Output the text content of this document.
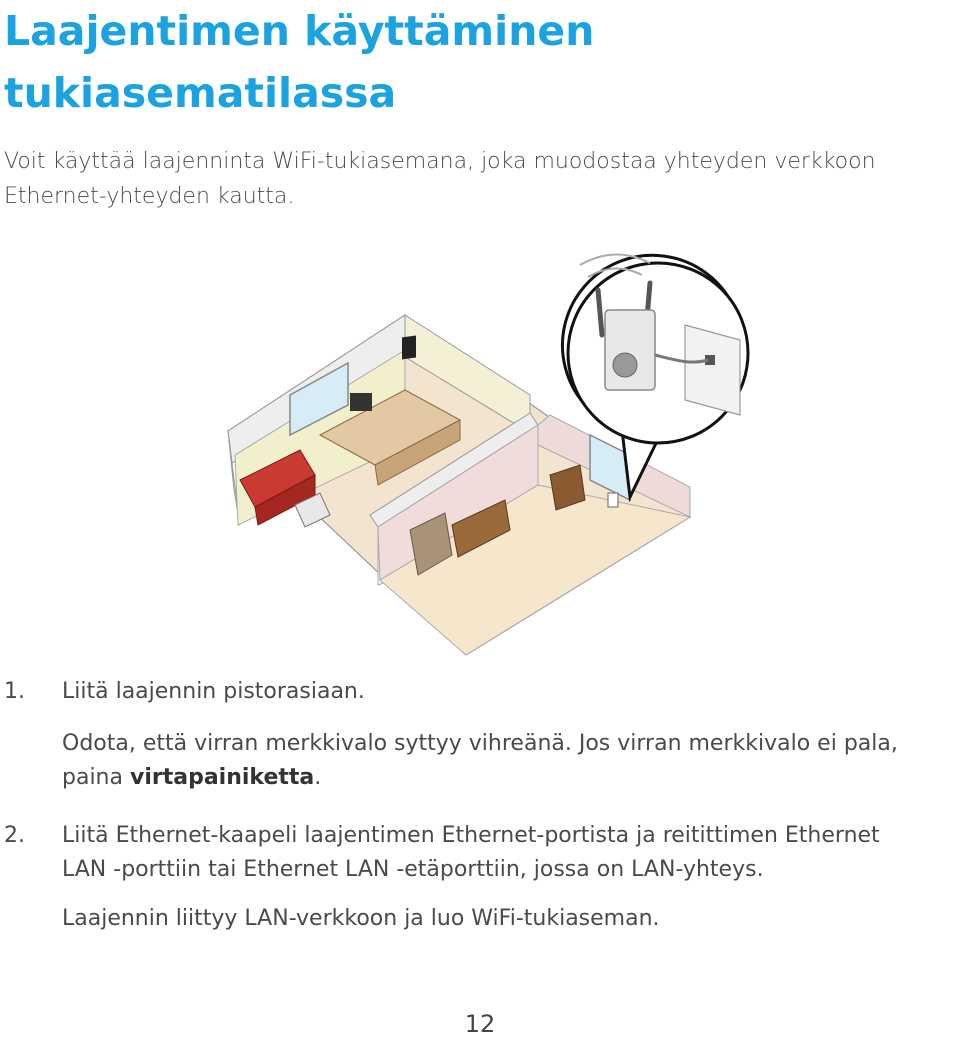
Laajentimen käyttäminen
tukiasematilassa

Voit käyttää laajenninta WiFi-tukiasemana, joka muodostaa yhteyden verkkoon
Ethernet-yhteyden kautta.

1. Liitä laajennin pistorasiaan.
Odota, että virran merkkivalo syttyy vihreänä. Jos virran merkkivalo ei pala,
paina virtapainiketta.
2. Liitä Ethernet-kaapeli laajentimen Ethernet-portista ja reitittimen Ethernet
LAN -porttiin tai Ethernet LAN -etäporttiin, jossa on LAN-yhteys.
Laajennin liittyy LAN-verkkoon ja luo WiFi-tukiaseman.
12
